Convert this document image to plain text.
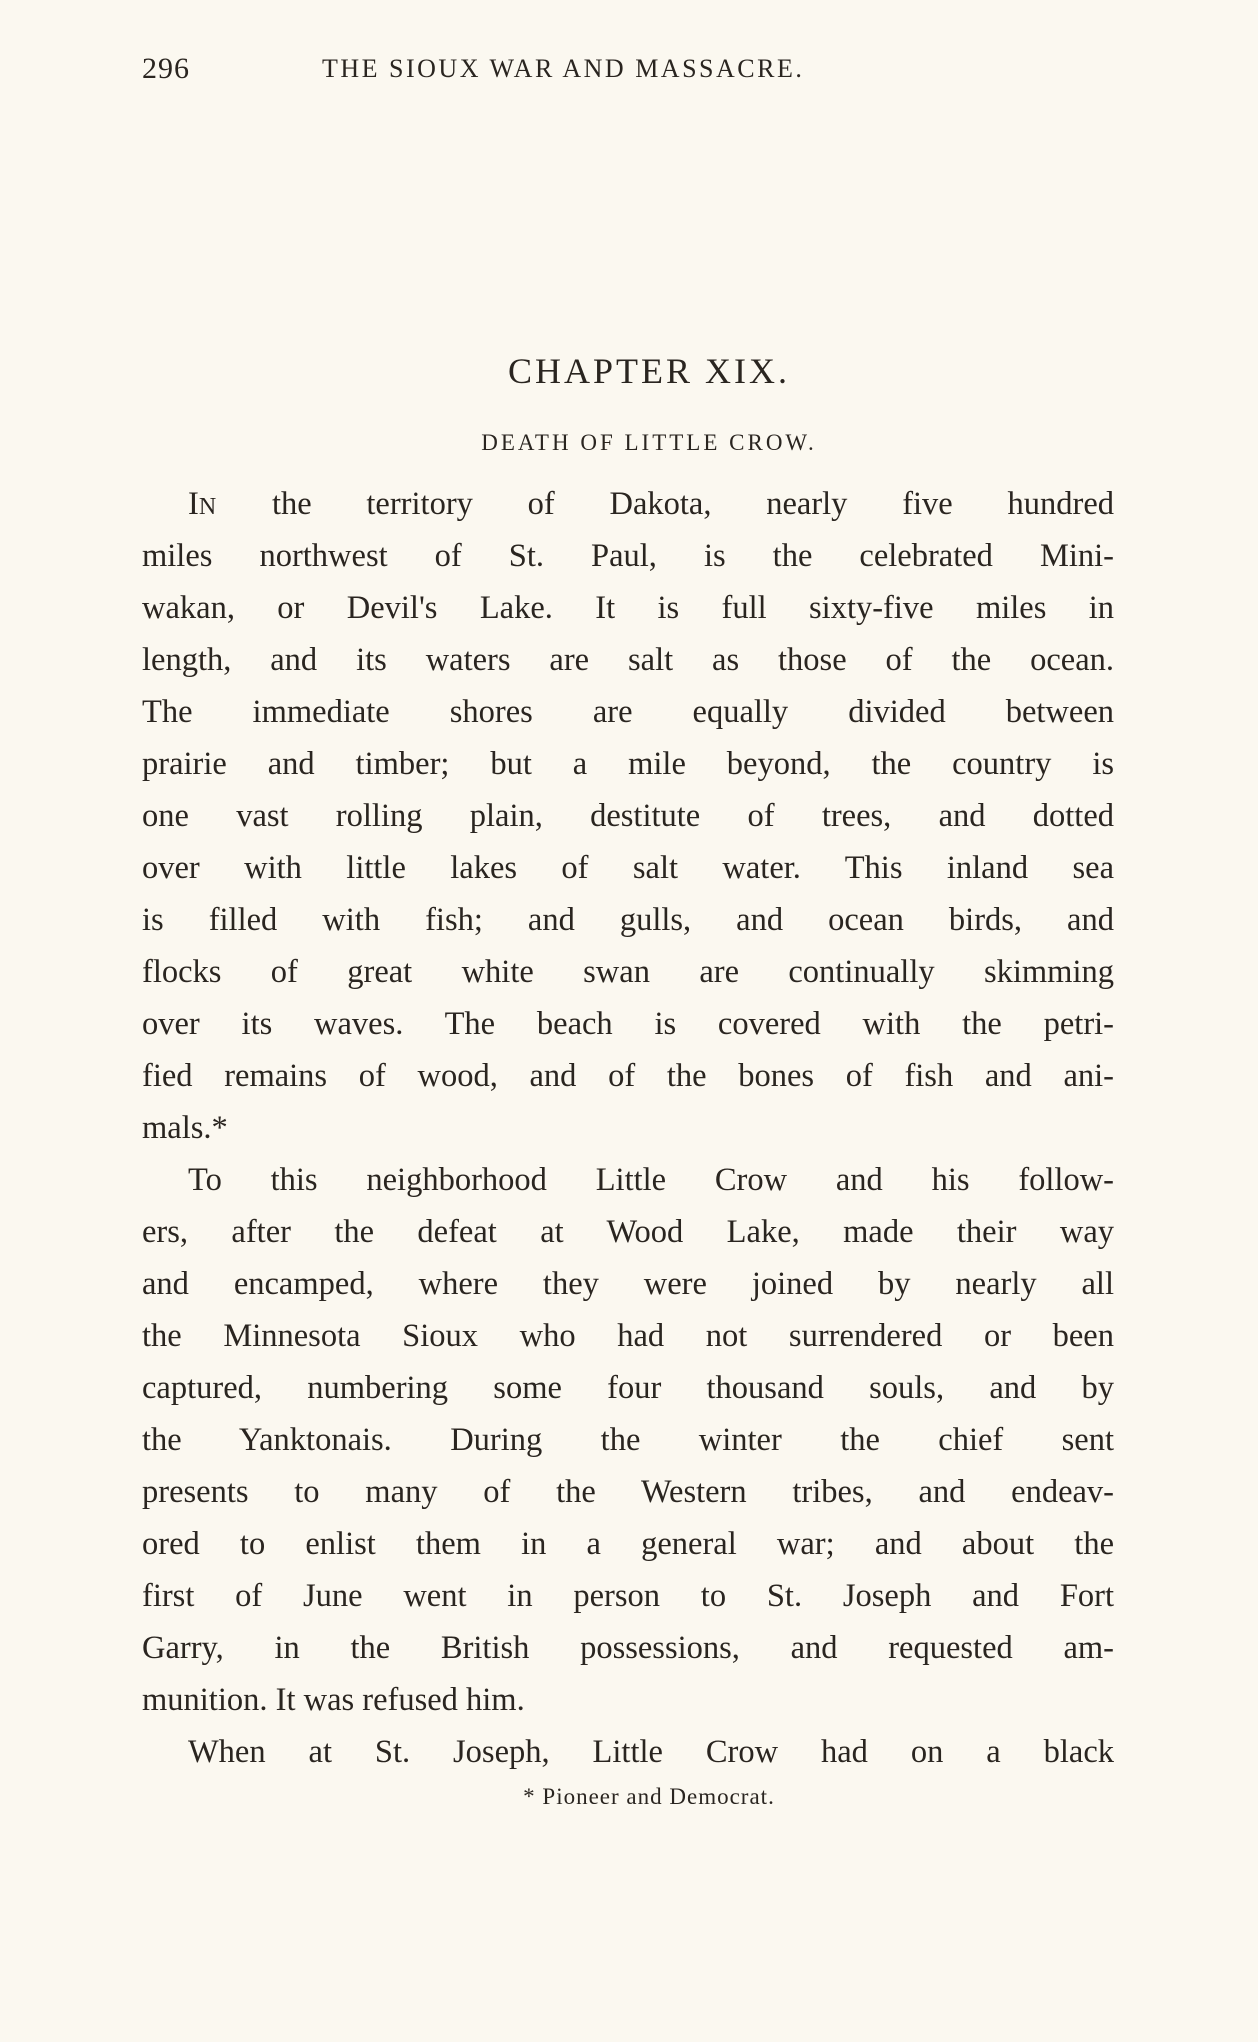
296	THE SIOUX WAR AND MASSACRE.
CHAPTER XIX.
DEATH OF LITTLE CROW.
IN the territory of Dakota, nearly five hundred
miles northwest of St. Paul, is the celebrated Mini-
wakan, or Devil's Lake. It is full sixty-five miles in
length, and its waters are salt as those of the ocean.
The immediate shores are equally divided between
prairie and timber; but a mile beyond, the country is
one vast rolling plain, destitute of trees, and dotted
over with little lakes of salt water. This inland sea
is filled with fish; and gulls, and ocean birds, and
flocks of great white swan are continually skimming
over its waves. The beach is covered with the petri-
fied remains of wood, and of the bones of fish and ani-
mals.*
To this neighborhood Little Crow and his follow-
ers, after the defeat at Wood Lake, made their way
and encamped, where they were joined by nearly all
the Minnesota Sioux who had not surrendered or been
captured, numbering some four thousand souls, and by
the Yanktonais. During the winter the chief sent
presents to many of the Western tribes, and endeav-
ored to enlist them in a general war; and about the
first of June went in person to St. Joseph and Fort
Garry, in the British possessions, and requested am-
munition. It was refused him.
When at St. Joseph, Little Crow had on a black
* Pioneer and Democrat.
